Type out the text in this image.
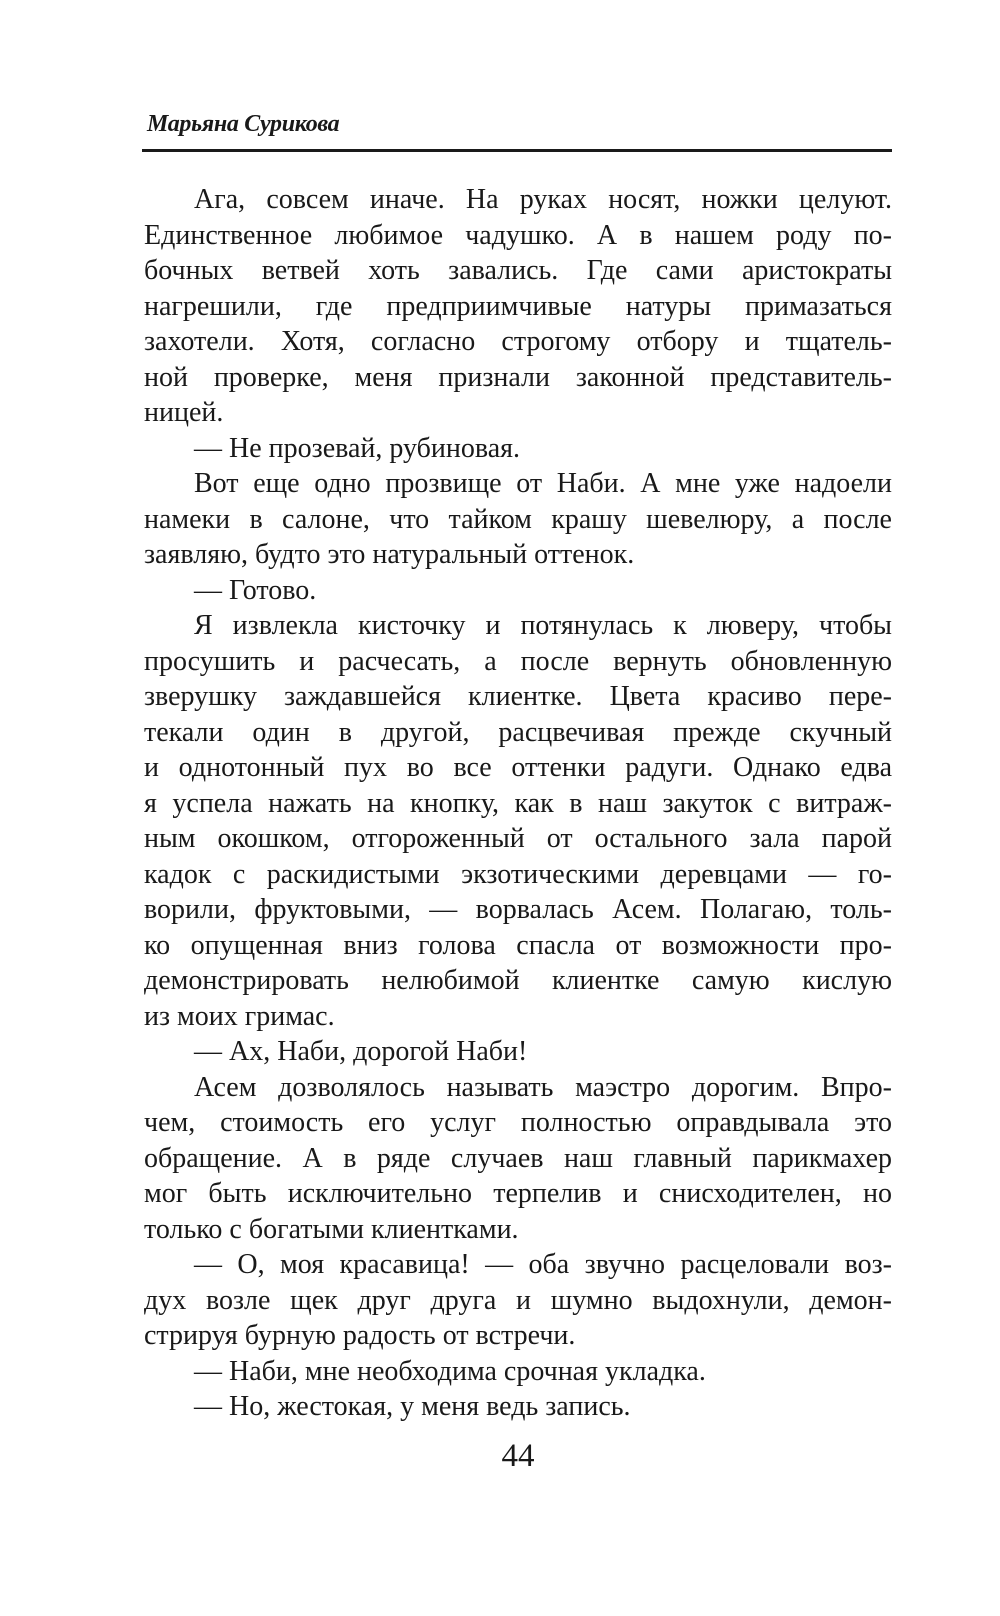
Марьяна Сурикова
Ага, совсем иначе. На руках носят, ножки целуют.
Единственное любимое чадушко. А в нашем роду по-
бочных ветвей хоть завались. Где сами аристократы
нагрешили, где предприимчивые натуры примазаться
захотели. Хотя, согласно строгому отбору и тщатель-
ной проверке, меня признали законной представитель-
ницей.
— Не прозевай, рубиновая.
Вот еще одно прозвище от Наби. А мне уже надоели
намеки в салоне, что тайком крашу шевелюру, а после
заявляю, будто это натуральный оттенок.
— Готово.
Я извлекла кисточку и потянулась к люверу, чтобы
просушить и расчесать, а после вернуть обновленную
зверушку заждавшейся клиентке. Цвета красиво пере-
текали один в другой, расцвечивая прежде скучный
и однотонный пух во все оттенки радуги. Однако едва
я успела нажать на кнопку, как в наш закуток с витраж-
ным окошком, отгороженный от остального зала парой
кадок с раскидистыми экзотическими деревцами — го-
ворили, фруктовыми, — ворвалась Асем. Полагаю, толь-
ко опущенная вниз голова спасла от возможности про-
демонстрировать нелюбимой клиентке самую кислую
из моих гримас.
— Ах, Наби, дорогой Наби!
Асем дозволялось называть маэстро дорогим. Впро-
чем, стоимость его услуг полностью оправдывала это
обращение. А в ряде случаев наш главный парикмахер
мог быть исключительно терпелив и снисходителен, но
только с богатыми клиентками.
— О, моя красавица! — оба звучно расцеловали воз-
дух возле щек друг друга и шумно выдохнули, демон-
стрируя бурную радость от встречи.
— Наби, мне необходима срочная укладка.
— Но, жестокая, у меня ведь запись.
44
